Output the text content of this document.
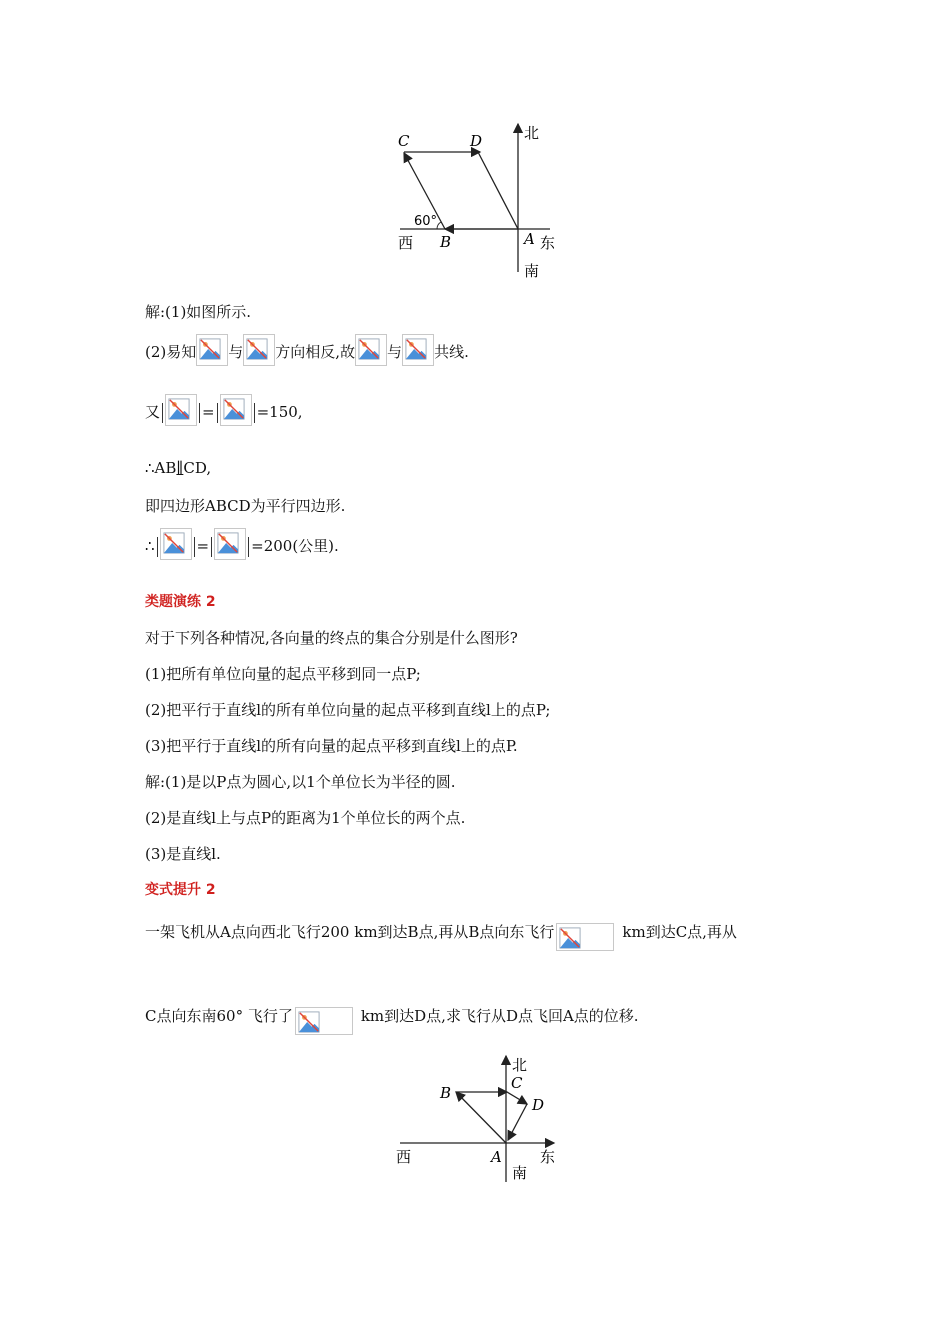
C	D
60°
B	A
北
西	东
南
解:(1)如图所示.
(2)易知 与 方向相反,故 与 共线.
又	=	=150,
∴AB∥CD,
即四边形ABCD为平行四边形.
∴	=	=200(公里).
类题演练 2
对于下列各种情况,各向量的终点的集合分别是什么图形?
(1)把所有单位向量的起点平移到同一点P;
(2)把平行于直线l的所有单位向量的起点平移到直线l上的点P;
(3)把平行于直线l的所有向量的起点平移到直线l上的点P.
解:(1)是以P点为圆心,以1个单位长为半径的圆.
(2)是直线l上与点P的距离为1个单位长的两个点.
(3)是直线l.
变式提升 2
一架飞机从A点向西北飞行200 km到达B点,再从B点向东飞行	km到达C点,再从
C点向东南60° 飞行了	km到达D点,求飞行从D点飞回A点的位移.
B
C
D
A
北
西	东
南
